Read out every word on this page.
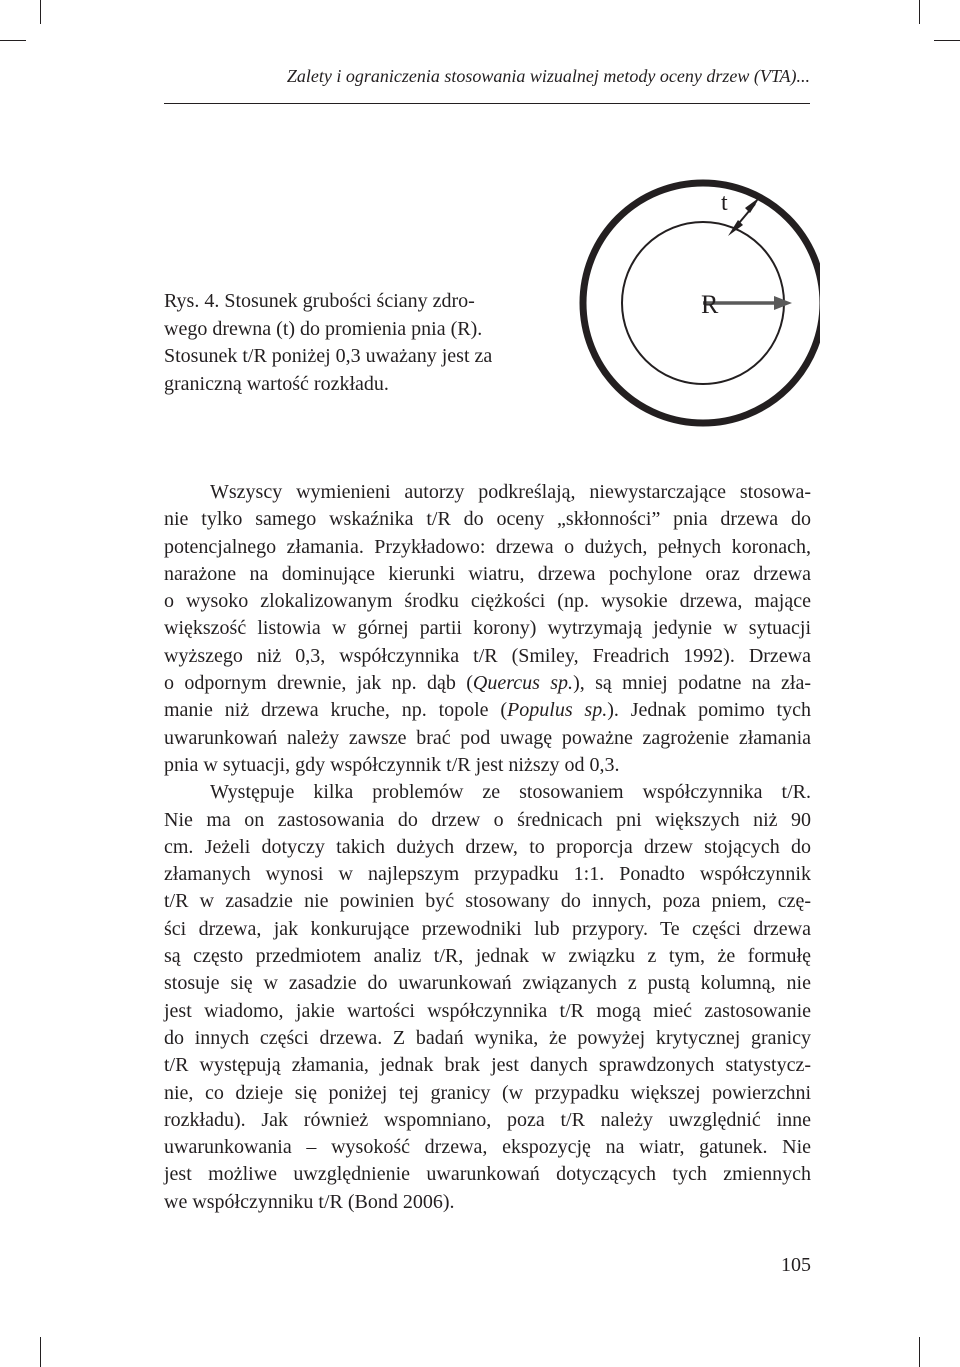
Zalety i ograniczenia stosowania wizualnej metody oceny drzew (VTA)...
t
R
Rys. 4. Stosunek grubości ściany zdro-
wego drewna (t) do promienia pnia (R).
Stosunek t/R poniżej 0,3 uważany jest za
graniczną wartość rozkładu.
Wszyscy wymienieni autorzy podkreślają, niewystarczające stosowa-
nie tylko samego wskaźnika t/R do oceny „skłonności” pnia drzewa do
potencjalnego złamania. Przykładowo: drzewa o dużych, pełnych koronach,
narażone na dominujące kierunki wiatru, drzewa pochylone oraz drzewa
o wysoko zlokalizowanym środku ciężkości (np. wysokie drzewa, mające
większość listowia w górnej partii korony) wytrzymają jedynie w sytuacji
wyższego niż 0,3, współczynnika t/R (Smiley, Freadrich 1992). Drzewa
o odpornym drewnie, jak np. dąb (Quercus sp.), są mniej podatne na zła-
manie niż drzewa kruche, np. topole (Populus sp.). Jednak pomimo tych
uwarunkowań należy zawsze brać pod uwagę poważne zagrożenie złamania
pnia w sytuacji, gdy współczynnik t/R jest niższy od 0,3.
Występuje kilka problemów ze stosowaniem współczynnika t/R.
Nie ma on zastosowania do drzew o średnicach pni większych niż 90
cm. Jeżeli dotyczy takich dużych drzew, to proporcja drzew stojących do
złamanych wynosi w najlepszym przypadku 1:1. Ponadto współczynnik
t/R w zasadzie nie powinien być stosowany do innych, poza pniem, czę-
ści drzewa, jak konkurujące przewodniki lub przypory. Te części drzewa
są często przedmiotem analiz t/R, jednak w związku z tym, że formułę
stosuje się w zasadzie do uwarunkowań związanych z pustą kolumną, nie
jest wiadomo, jakie wartości współczynnika t/R mogą mieć zastosowanie
do innych części drzewa. Z badań wynika, że powyżej krytycznej granicy
t/R występują złamania, jednak brak jest danych sprawdzonych statystycz-
nie, co dzieje się poniżej tej granicy (w przypadku większej powierzchni
rozkładu). Jak również wspomniano, poza t/R należy uwzględnić inne
uwarunkowania – wysokość drzewa, ekspozycję na wiatr, gatunek. Nie
jest możliwe uwzględnienie uwarunkowań dotyczących tych zmiennych
we współczynniku t/R (Bond 2006).
105
